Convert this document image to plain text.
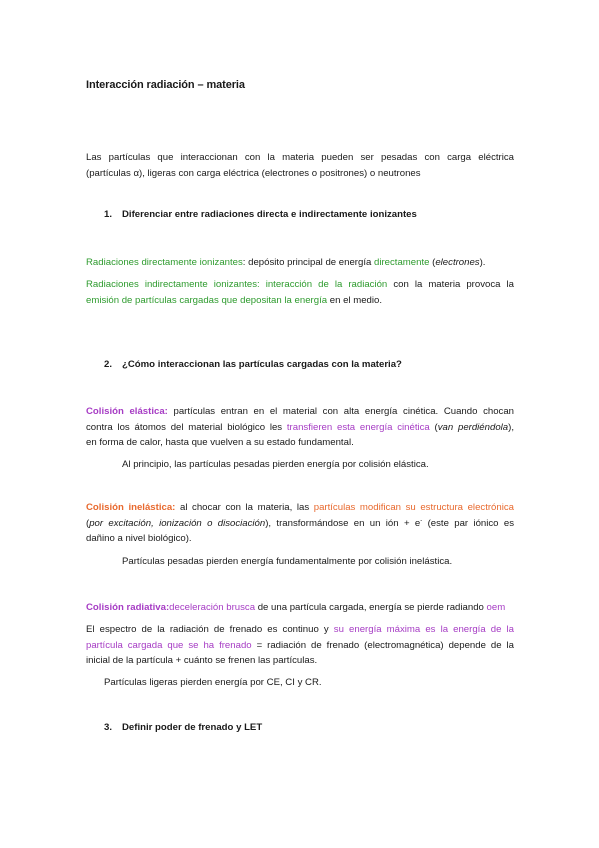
Interacción radiación – materia
Las partículas que interaccionan con la materia pueden ser pesadas con carga eléctrica
(partículas α), ligeras con carga eléctrica (electrones o positrones) o neutrones
1. Diferenciar entre radiaciones directa e indirectamente ionizantes
Radiaciones directamente ionizantes: depósito principal de energía directamente (electrones).
Radiaciones indirectamente ionizantes: interacción de la radiación con la materia provoca la
emisión de partículas cargadas que depositan la energía en el medio.
2. ¿Cómo interaccionan las partículas cargadas con la materia?
Colisión elástica: partículas entran en el material con alta energía cinética. Cuando chocan
contra los átomos del material biológico les transfieren esta energía cinética (van perdiéndola),
en forma de calor, hasta que vuelven a su estado fundamental.
Al principio, las partículas pesadas pierden energía por colisión elástica.
Colisión inelástica: al chocar con la materia, las partículas modifican su estructura electrónica
(por excitación, ionización o disociación), transformándose en un ión + e- (este par iónico es
dañino a nivel biológico).
Partículas pesadas pierden energía fundamentalmente por colisión inelástica.
Colisión radiativa:deceleración brusca de una partícula cargada, energía se pierde radiando oem
El espectro de la radiación de frenado es continuo y su energía máxima es la energía de la
partícula cargada que se ha frenado = radiación de frenado (electromagnética) depende de la
inicial de la partícula + cuánto se frenen las partículas.
Partículas ligeras pierden energía por CE, CI y CR.
3. Definir poder de frenado y LET
